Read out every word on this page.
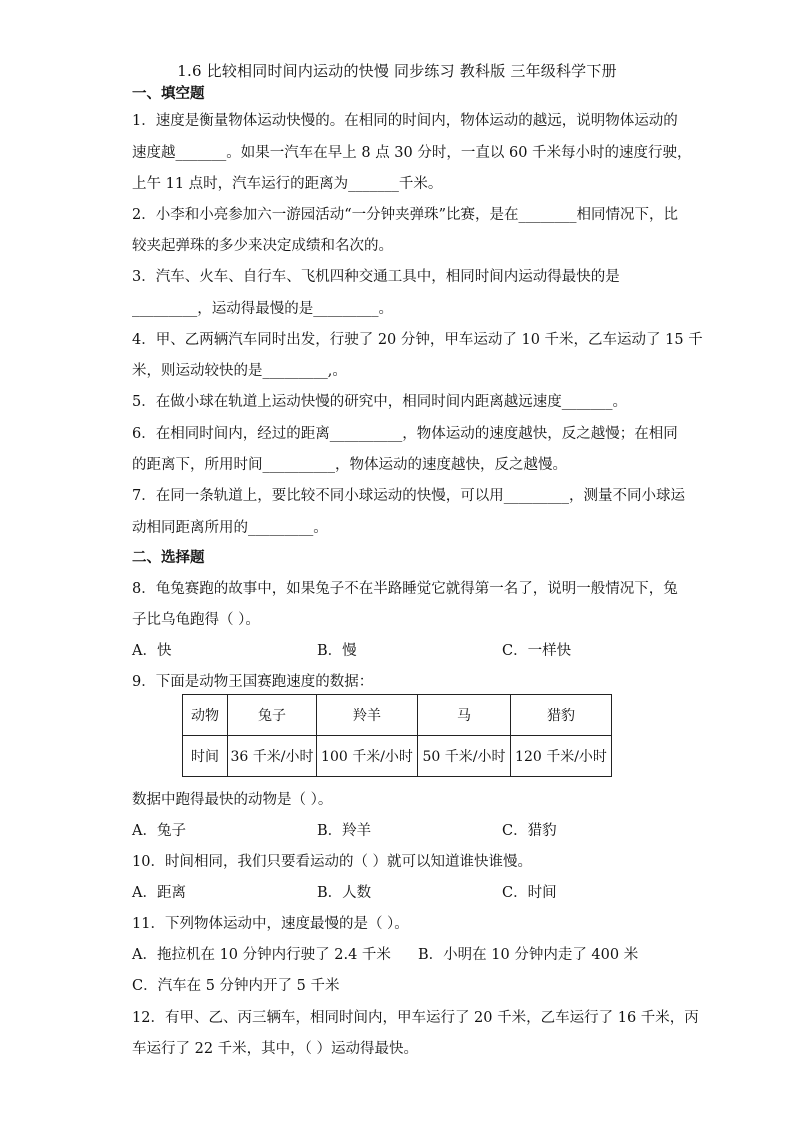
1.6 比较相同时间内运动的快慢 同步练习 教科版 三年级科学下册
一、填空题
1．速度是衡量物体运动快慢的。在相同的时间内，物体运动的越远，说明物体运动的
速度越_______。如果一汽车在早上 8 点 30 分时，一直以 60 千米每小时的速度行驶，
上午 11 点时，汽车运行的距离为_______千米。
2．小李和小亮参加六一游园活动“一分钟夹弹珠”比赛，是在________相同情况下，比
较夹起弹珠的多少来决定成绩和名次的。
3．汽车、火车、自行车、飞机四种交通工具中，相同时间内运动得最快的是
_________，运动得最慢的是_________。
4．甲、乙两辆汽车同时出发，行驶了 20 分钟，甲车运动了 10 千米，乙车运动了 15 千
米，则运动较快的是_________,。
5．在做小球在轨道上运动快慢的研究中，相同时间内距离越远速度_______。
6．在相同时间内，经过的距离__________，物体运动的速度越快，反之越慢；在相同
的距离下，所用时间__________，物体运动的速度越快，反之越慢。
7．在同一条轨道上，要比较不同小球运动的快慢，可以用_________，测量不同小球运
动相同距离所用的_________。
二、选择题
8．龟兔赛跑的故事中，如果兔子不在半路睡觉它就得第一名了，说明一般情况下，兔
子比乌龟跑得（ ）。
A．快	B．慢	C．一样快
9．下面是动物王国赛跑速度的数据：
动物	兔子	羚羊	马	猎豹
时间	36 千米/小时	100 千米/小时	50 千米/小时	120 千米/小时
数据中跑得最快的动物是（ ）。
A．兔子	B．羚羊	C．猎豹
10．时间相同，我们只要看运动的（ ）就可以知道谁快谁慢。
A．距离	B．人数	C．时间
11．下列物体运动中，速度最慢的是（ ）。
A．拖拉机在 10 分钟内行驶了 2.4 千米 B．小明在 10 分钟内走了 400 米
C．汽车在 5 分钟内开了 5 千米
12．有甲、乙、丙三辆车，相同时间内，甲车运行了 20 千米，乙车运行了 16 千米，丙
车运行了 22 千米，其中，（ ）运动得最快。
